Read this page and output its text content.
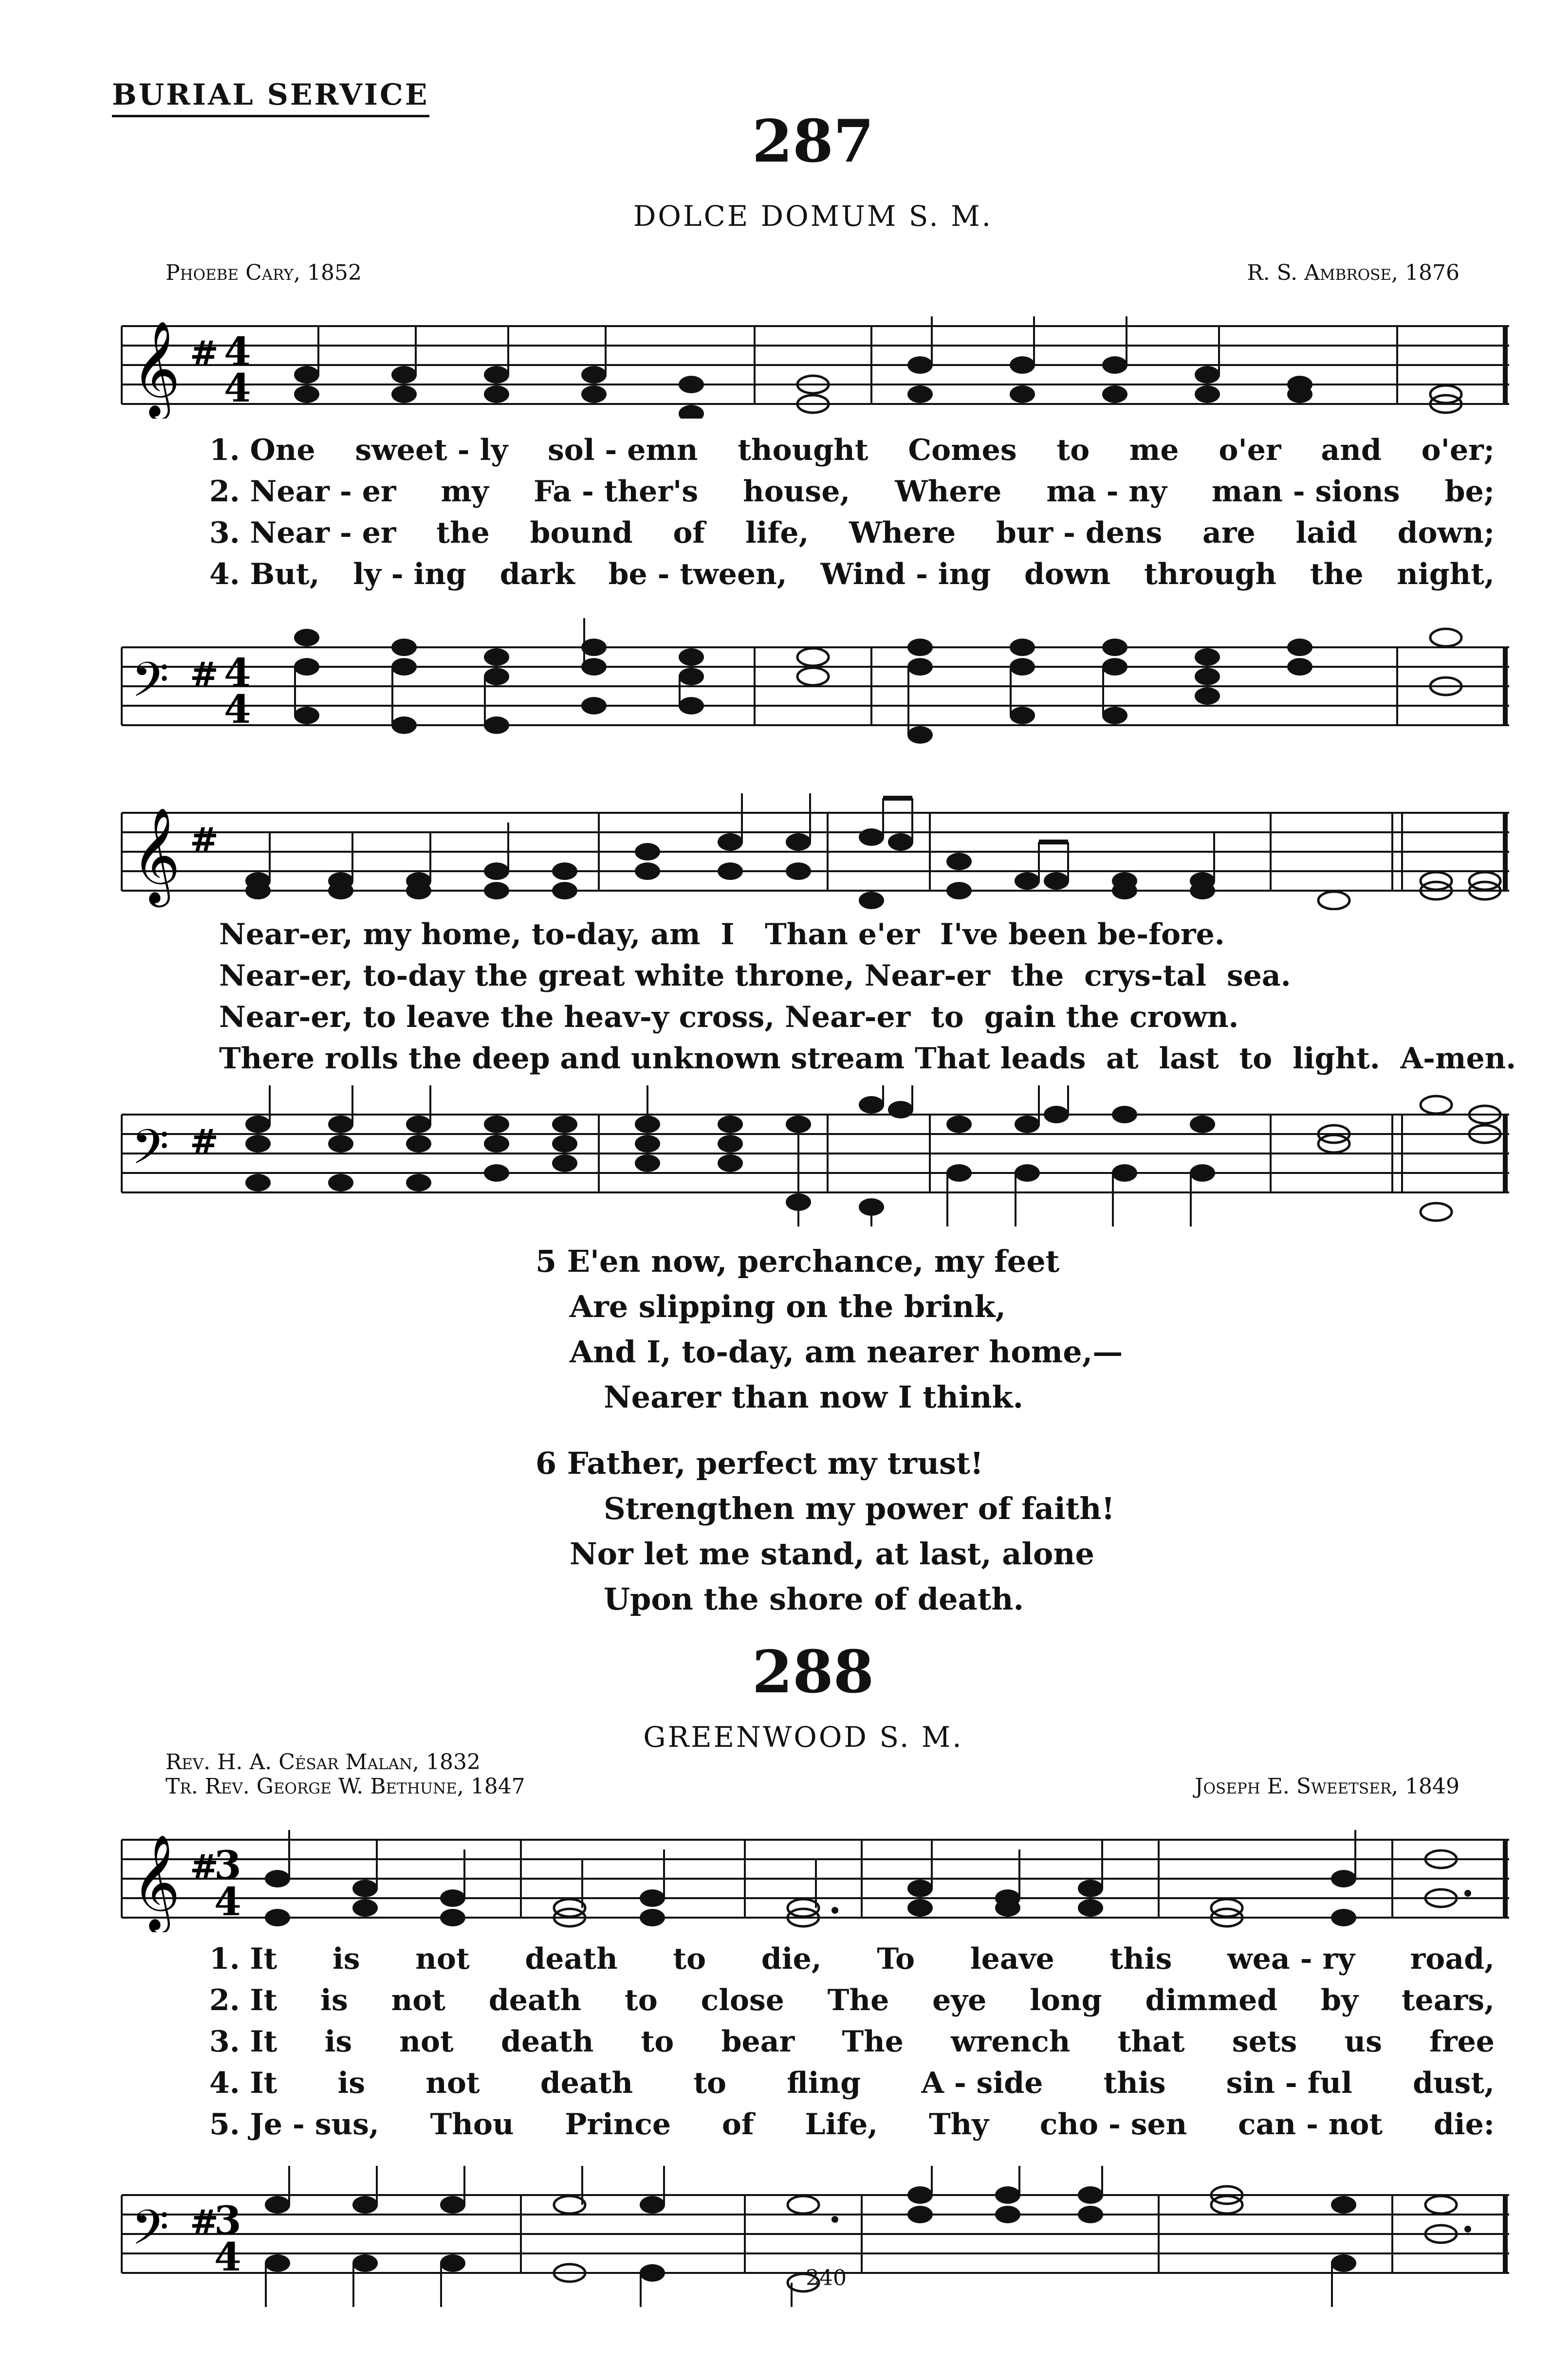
BURIAL SERVICE
287
DOLCE DOMUM S. M.
Phoebe Cary, 1852	R. S. Ambrose, 1876
𝄞 # 4
4
1. One sweet - ly sol - emn thought Comes to me o'er and o'er;
2. Near - er my Fa - ther's house, Where ma - ny man - sions be;
3. Near - er the bound of life, Where bur - dens are laid down;
4. But, ly - ing dark be - tween, Wind - ing down through the night,
𝄢 # 4
4
𝄞 #
Near-er, my home, to-day, am  I   Than e'er  I've been be-fore.
Near-er, to-day the great white throne, Near-er  the  crys-tal  sea.
Near-er, to leave the heav-y cross, Near-er  to  gain the crown.
There rolls the deep and unknown stream That leads  at  last  to  light.  A-men.
𝄢 #
5 E'en now, perchance, my feet
Are slipping on the brink,
And I, to-day, am nearer home,—
Nearer than now I think.
6 Father, perfect my trust!
Strengthen my power of faith!
Nor let me stand, at last, alone
Upon the shore of death.
288
GREENWOOD S. M.
Rev. H. A. César Malan, 1832
Tr. Rev. George W. Bethune, 1847	Joseph E. Sweetser, 1849
𝄞 #
3
4
1. It is not death to die, To leave this wea - ry road,
2. It is not death to close The eye long dimmed by tears,
3. It is not death to bear The wrench that sets us free
4. It is not death to fling A - side this sin - ful dust,
5. Je - sus, Thou Prince of Life, Thy cho - sen can - not die:
𝄢 #
3
4	240
